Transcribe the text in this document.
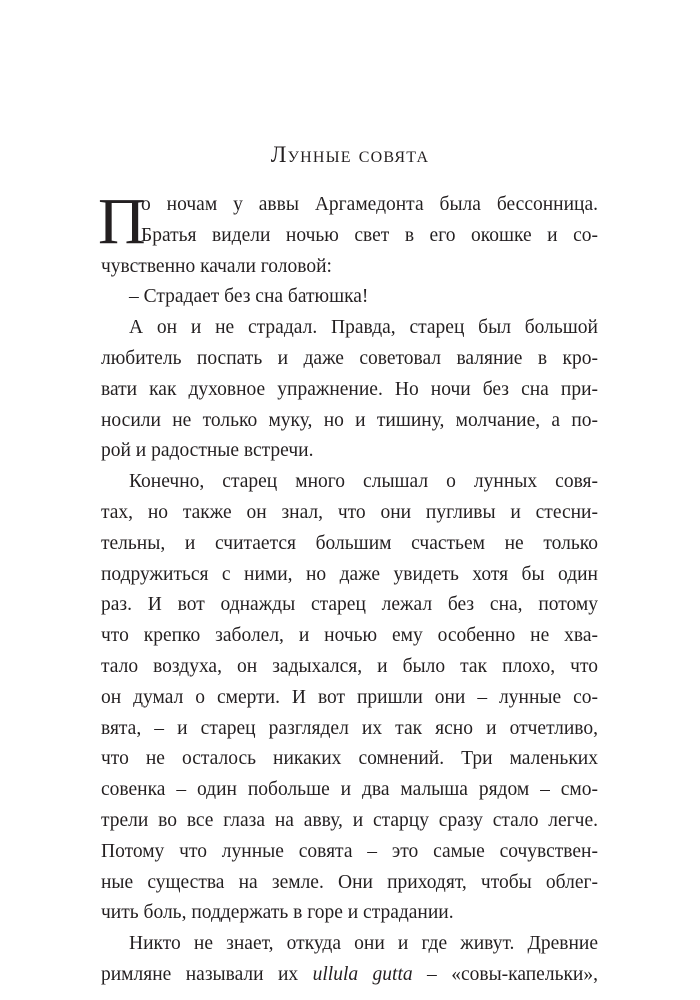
Лунные совята
П
о ночам у аввы Аргамедонта была бессонница.
Братья видели ночью свет в его окошке и со-
чувственно качали головой:
– Страдает без сна батюшка!
А он и не страдал. Правда, старец был большой
любитель поспать и даже советовал валяние в кро-
вати как духовное упражнение. Но ночи без сна при-
носили не только муку, но и тишину, молчание, а по-
рой и радостные встречи.
Конечно, старец много слышал о лунных совя-
тах, но также он знал, что они пугливы и стесни-
тельны, и считается большим счастьем не только
подружиться с ними, но даже увидеть хотя бы один
раз. И вот однажды старец лежал без сна, потому
что крепко заболел, и ночью ему особенно не хва-
тало воздуха, он задыхался, и было так плохо, что
он думал о смерти. И вот пришли они – лунные со-
вята, – и старец разглядел их так ясно и отчетливо,
что не осталось никаких сомнений. Три маленьких
совенка – один побольше и два малыша рядом – смо-
трели во все глаза на авву, и старцу сразу стало легче.
Потому что лунные совята – это самые сочувствен-
ные существа на земле. Они приходят, чтобы облег-
чить боль, поддержать в горе и страдании.
Никто не знает, откуда они и где живут. Древние
римляне называли их ullula gutta – «совы-капельки»,
